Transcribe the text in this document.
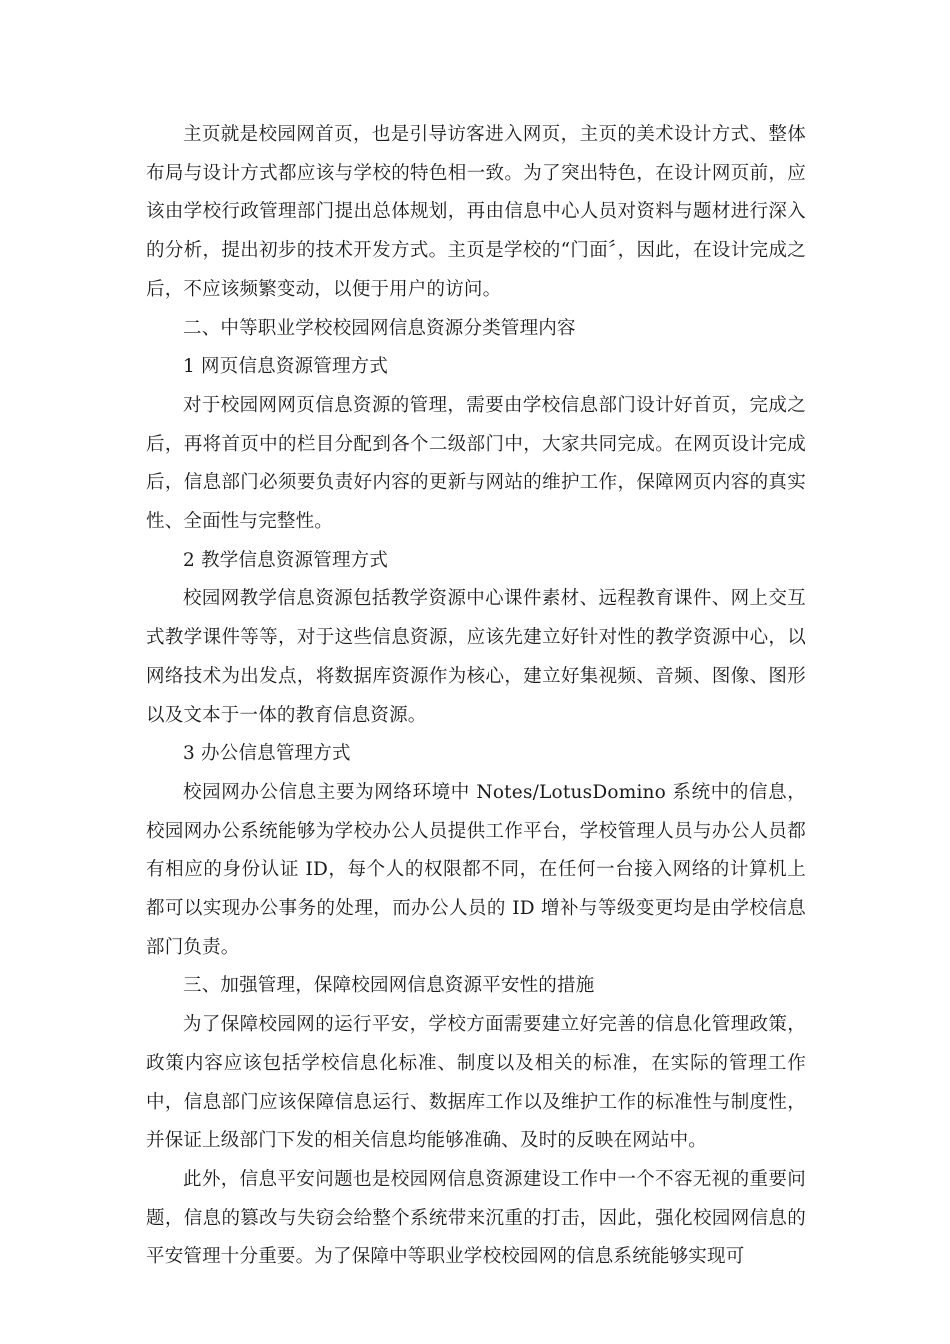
主页就是校园网首页，也是引导访客进入网页，主页的美术设计方式、整体布局与设计方式都应该与学校的特色相一致。为了突出特色，在设计网页前，应该由学校行政管理部门提出总体规划，再由信息中心人员对资料与题材进行深入的分析，提出初步的技术开发方式。主页是学校的“门面〞，因此，在设计完成之后，不应该频繁变动，以便于用户的访问。

二、中等职业学校校园网信息资源分类管理内容

1 网页信息资源管理方式

对于校园网网页信息资源的管理，需要由学校信息部门设计好首页，完成之后，再将首页中的栏目分配到各个二级部门中，大家共同完成。在网页设计完成后，信息部门必须要负责好内容的更新与网站的维护工作，保障网页内容的真实性、全面性与完整性。

2 教学信息资源管理方式

校园网教学信息资源包括教学资源中心课件素材、远程教育课件、网上交互式教学课件等等，对于这些信息资源，应该先建立好针对性的教学资源中心，以网络技术为出发点，将数据库资源作为核心，建立好集视频、音频、图像、图形以及文本于一体的教育信息资源。

3 办公信息管理方式

校园网办公信息主要为网络环境中 Notes/LotusDomino 系统中的信息，校园网办公系统能够为学校办公人员提供工作平台，学校管理人员与办公人员都有相应的身份认证 ID，每个人的权限都不同，在任何一台接入网络的计算机上都可以实现办公事务的处理，而办公人员的 ID 增补与等级变更均是由学校信息部门负责。

三、加强管理，保障校园网信息资源平安性的措施

为了保障校园网的运行平安，学校方面需要建立好完善的信息化管理政策，政策内容应该包括学校信息化标准、制度以及相关的标准，在实际的管理工作中，信息部门应该保障信息运行、数据库工作以及维护工作的标准性与制度性，并保证上级部门下发的相关信息均能够准确、及时的反映在网站中。

此外，信息平安问题也是校园网信息资源建设工作中一个不容无视的重要问题，信息的篡改与失窃会给整个系统带来沉重的打击，因此，强化校园网信息的平安管理十分重要。为了保障中等职业学校校园网的信息系统能够实现可
